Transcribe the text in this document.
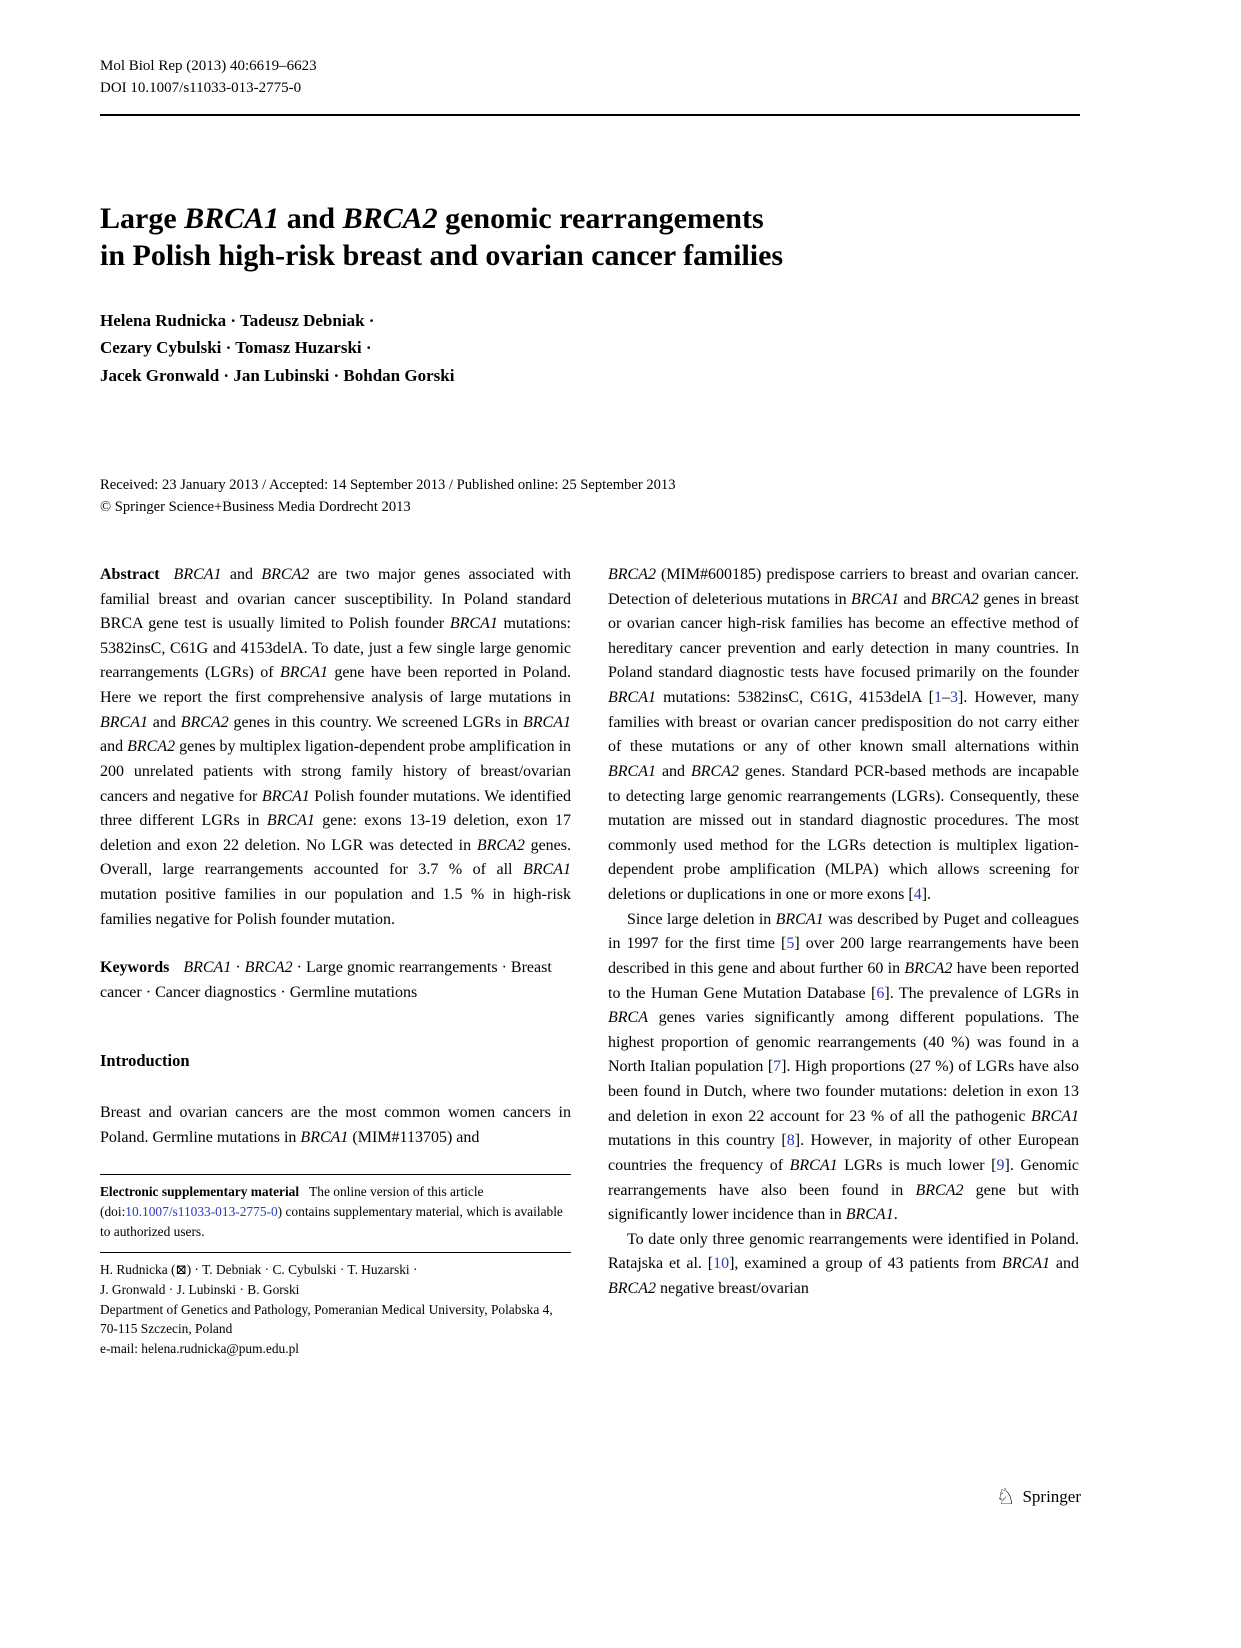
Mol Biol Rep (2013) 40:6619–6623
DOI 10.1007/s11033-013-2775-0
Large BRCA1 and BRCA2 genomic rearrangements
in Polish high-risk breast and ovarian cancer families
Helena Rudnicka · Tadeusz Debniak ·
Cezary Cybulski · Tomasz Huzarski ·
Jacek Gronwald · Jan Lubinski · Bohdan Gorski
Received: 23 January 2013 / Accepted: 14 September 2013 / Published online: 25 September 2013
© Springer Science+Business Media Dordrecht 2013

Abstract BRCA1 and BRCA2 are two major genes associated with familial breast and ovarian cancer susceptibility. In Poland standard BRCA gene test is usually limited to Polish founder BRCA1 mutations: 5382insC, C61G and 4153delA. To date, just a few single large genomic rearrangements (LGRs) of BRCA1 gene have been reported in Poland. Here we report the first comprehensive analysis of large mutations in BRCA1 and BRCA2 genes in this country. We screened LGRs in BRCA1 and BRCA2 genes by multiplex ligation-dependent probe amplification in 200 unrelated patients with strong family history of breast/ovarian cancers and negative for BRCA1 Polish founder mutations. We identified three different LGRs in BRCA1 gene: exons 13-19 deletion, exon 17 deletion and exon 22 deletion. No LGR was detected in BRCA2 genes. Overall, large rearrangements accounted for 3.7 % of all BRCA1 mutation positive families in our population and 1.5 % in high-risk families negative for Polish founder mutation.

Keywords BRCA1 · BRCA2 · Large gnomic rearrangements · Breast cancer · Cancer diagnostics · Germline mutations

Introduction

Breast and ovarian cancers are the most common women cancers in Poland. Germline mutations in BRCA1 (MIM#113705) and

Electronic supplementary material The online version of this article (doi:10.1007/s11033-013-2775-0) contains supplementary material, which is available to authorized users.

H. Rudnicka (⊠) · T. Debniak · C. Cybulski · T. Huzarski ·
J. Gronwald · J. Lubinski · B. Gorski
Department of Genetics and Pathology, Pomeranian Medical University, Polabska 4, 70-115 Szczecin, Poland
e-mail: helena.rudnicka@pum.edu.pl

BRCA2 (MIM#600185) predispose carriers to breast and ovarian cancer. Detection of deleterious mutations in BRCA1 and BRCA2 genes in breast or ovarian cancer high-risk families has become an effective method of hereditary cancer prevention and early detection in many countries. In Poland standard diagnostic tests have focused primarily on the founder BRCA1 mutations: 5382insC, C61G, 4153delA [1–3]. However, many families with breast or ovarian cancer predisposition do not carry either of these mutations or any of other known small alternations within BRCA1 and BRCA2 genes. Standard PCR-based methods are incapable to detecting large genomic rearrangements (LGRs). Consequently, these mutation are missed out in standard diagnostic procedures. The most commonly used method for the LGRs detection is multiplex ligation-dependent probe amplification (MLPA) which allows screening for deletions or duplications in one or more exons [4].

Since large deletion in BRCA1 was described by Puget and colleagues in 1997 for the first time [5] over 200 large rearrangements have been described in this gene and about further 60 in BRCA2 have been reported to the Human Gene Mutation Database [6]. The prevalence of LGRs in BRCA genes varies significantly among different populations. The highest proportion of genomic rearrangements (40 %) was found in a North Italian population [7]. High proportions (27 %) of LGRs have also been found in Dutch, where two founder mutations: deletion in exon 13 and deletion in exon 22 account for 23 % of all the pathogenic BRCA1 mutations in this country [8]. However, in majority of other European countries the frequency of BRCA1 LGRs is much lower [9]. Genomic rearrangements have also been found in BRCA2 gene but with significantly lower incidence than in BRCA1.

To date only three genomic rearrangements were identified in Poland. Ratajska et al. [10], examined a group of 43 patients from BRCA1 and BRCA2 negative breast/ovarian

♘ Springer
